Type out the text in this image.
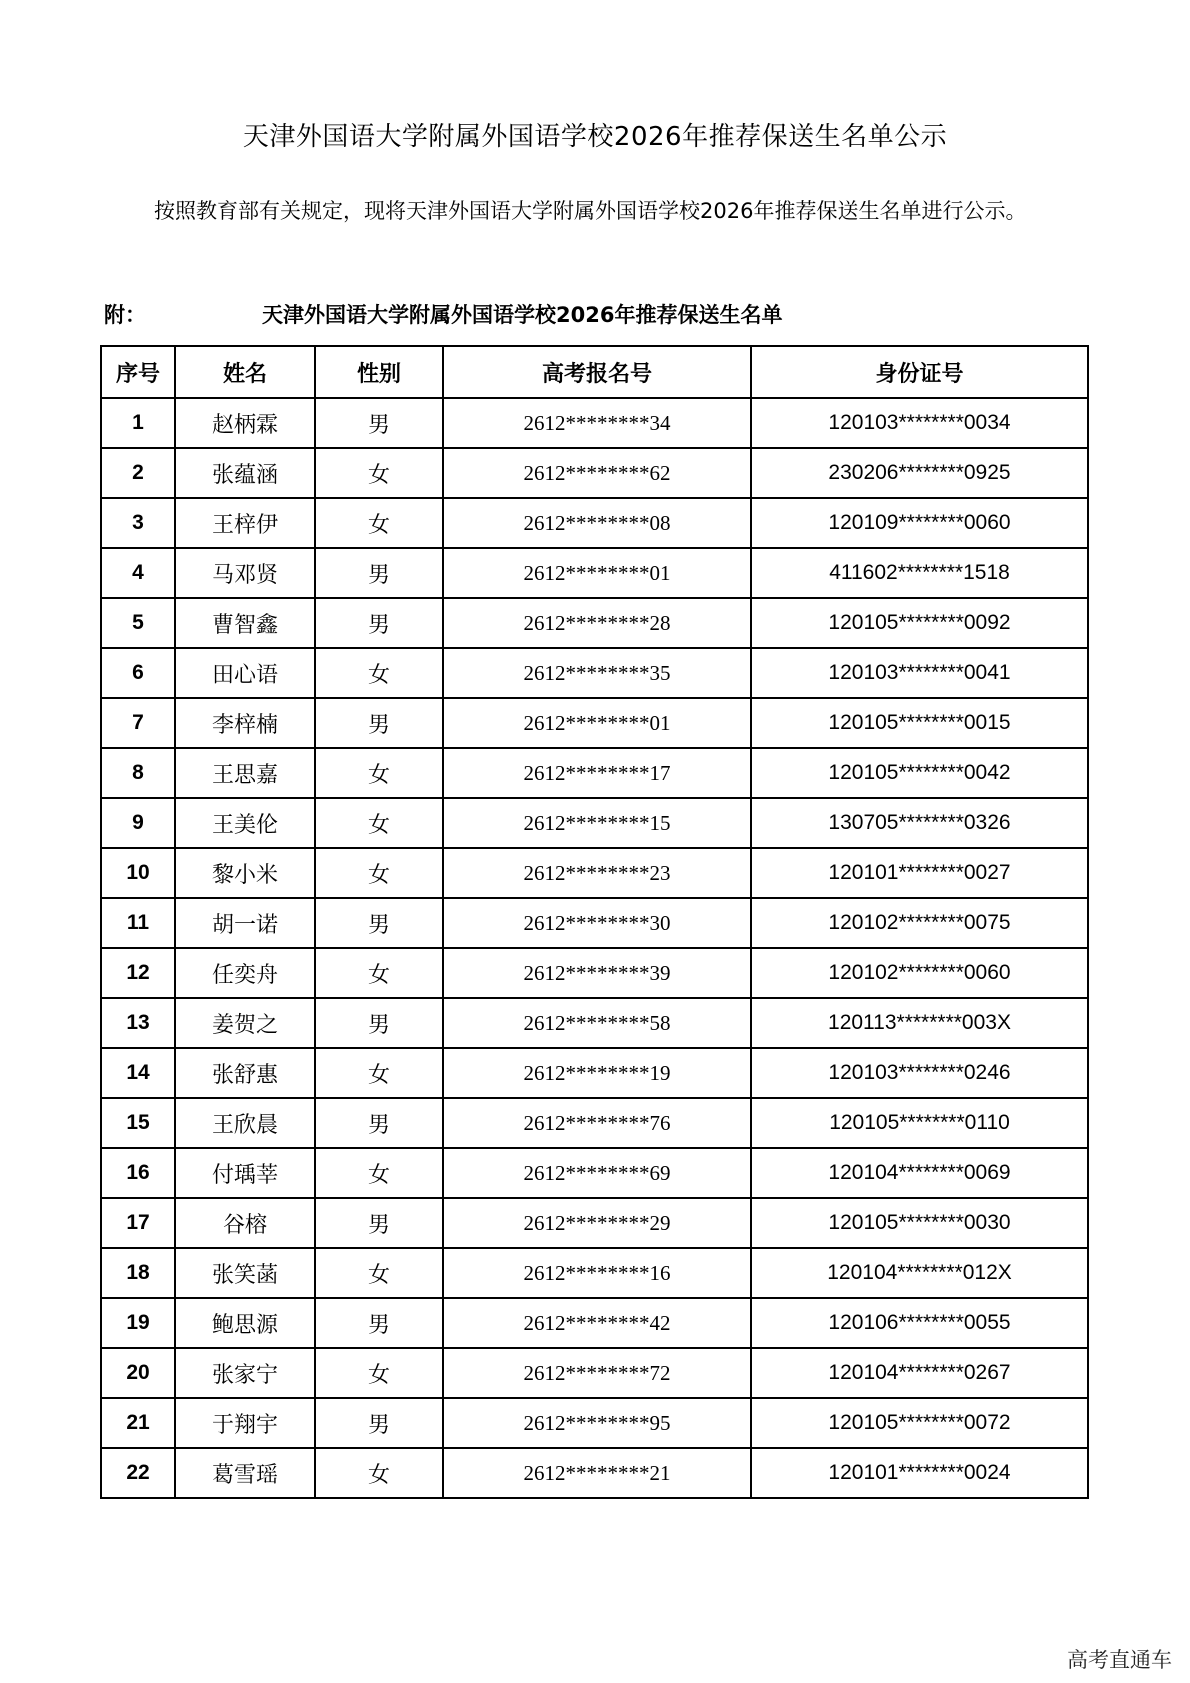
天津外国语大学附属外国语学校2026年推荐保送生名单公示
按照教育部有关规定，现将天津外国语大学附属外国语学校2026年推荐保送生名单进行公示。
附：	天津外国语大学附属外国语学校2026年推荐保送生名单
序号	姓名	性别	高考报名号	身份证号
1	赵柄霖	男	2612********34	120103********0034
2	张蕴涵	女	2612********62	230206********0925
3	王梓伊	女	2612********08	120109********0060
4	马邓贤	男	2612********01	411602********1518
5	曹智鑫	男	2612********28	120105********0092
6	田心语	女	2612********35	120103********0041
7	李梓楠	男	2612********01	120105********0015
8	王思嘉	女	2612********17	120105********0042
9	王美伦	女	2612********15	130705********0326
10	黎小米	女	2612********23	120101********0027
11	胡一诺	男	2612********30	120102********0075
12	任奕舟	女	2612********39	120102********0060
13	姜贺之	男	2612********58	120113********003X
14	张舒惠	女	2612********19	120103********0246
15	王欣晨	男	2612********76	120105********0110
16	付瑀莘	女	2612********69	120104********0069
17	谷榕	男	2612********29	120105********0030
18	张笑菡	女	2612********16	120104********012X
19	鲍思源	男	2612********42	120106********0055
20	张家宁	女	2612********72	120104********0267
21	于翔宇	男	2612********95	120105********0072
22	葛雪瑶	女	2612********21	120101********0024
高考直通车
